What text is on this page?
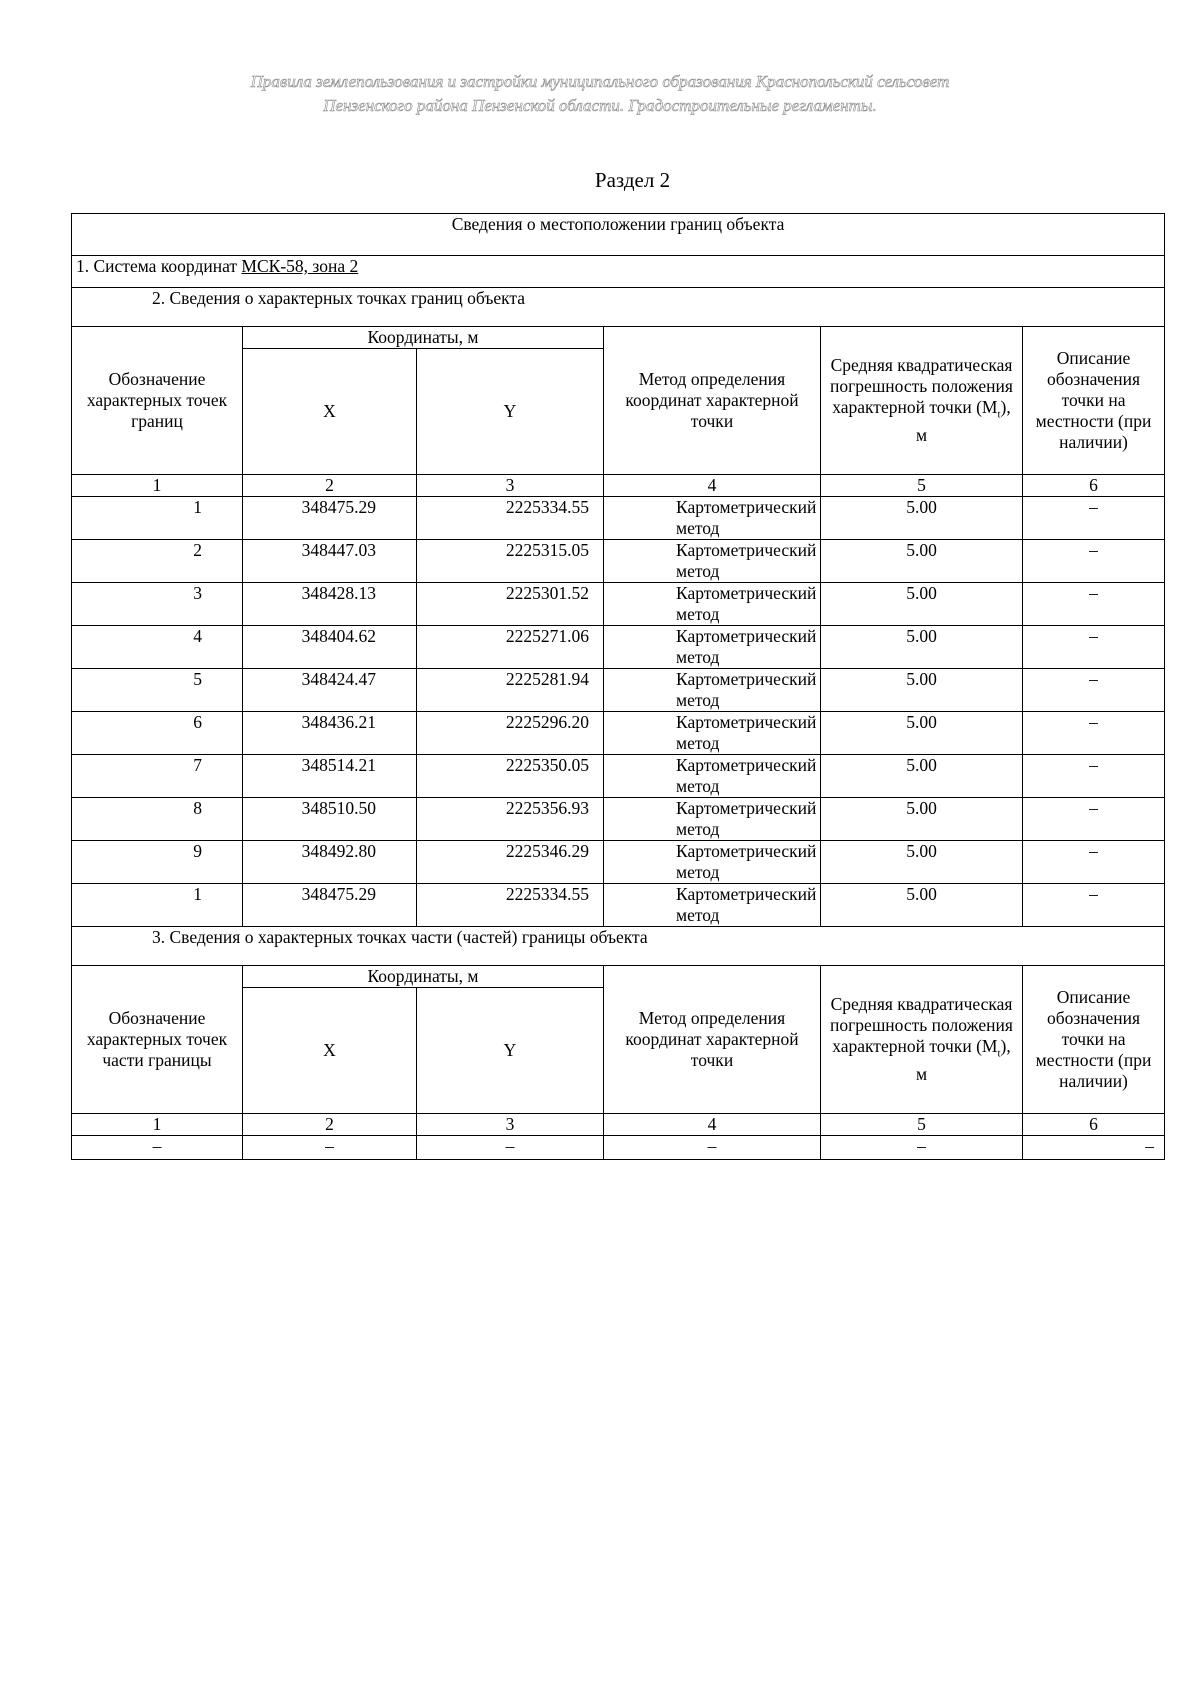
Правила землепользования и застройки муниципального образования Краснопольский сельсовет
Пензенского района Пензенской области. Градостроительные регламенты.
Раздел 2
Сведения о местоположении границ объекта					
1. Система координат МСК-58, зона 2					
2. Сведения о характерных точках границ объекта					
Обозначение характерных точек границ	Координаты, м		Метод определения координат характерной точки	Средняя квадратическая погрешность положения характерной точки $(M_t)$, м	Описание обозначения точки на местности (при наличии)
	X	Y			
1	2	3	4	5	6
1	348475.29	2225334.55	Картометрический метод	5.00	–
2	348447.03	2225315.05	Картометрический метод	5.00	–
3	348428.13	2225301.52	Картометрический метод	5.00	–
4	348404.62	2225271.06	Картометрический метод	5.00	–
5	348424.47	2225281.94	Картометрический метод	5.00	–
6	348436.21	2225296.20	Картометрический метод	5.00	–
7	348514.21	2225350.05	Картометрический метод	5.00	–
8	348510.50	2225356.93	Картометрический метод	5.00	–
9	348492.80	2225346.29	Картометрический метод	5.00	–
1	348475.29	2225334.55	Картометрический метод	5.00	–
3. Сведения о характерных точках части (частей) границы объекта					
Обозначение характерных точек части границы	Координаты, м		Метод определения координат характерной точки	Средняя квадратическая погрешность положения характерной точки $(M_t)$, м	Описание обозначения точки на местности (при наличии)
	X	Y			
1	2	3	4	5	6
–	–	–	–	–	–
